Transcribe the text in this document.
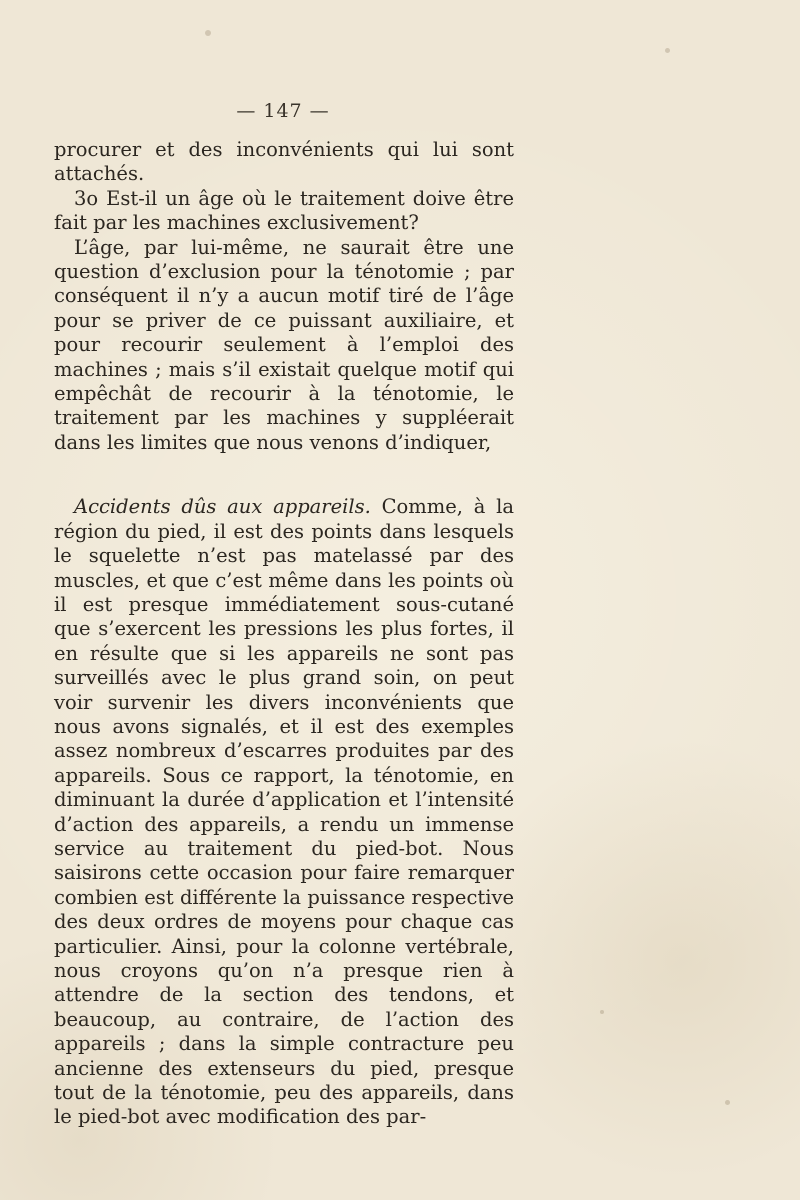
— 147 —

procurer et des inconvénients qui lui sont attachés.

3o Est-il un âge où le traitement doive être fait par les machines exclusivement?

L’âge, par lui-même, ne saurait être une question d’exclusion pour la ténotomie ; par conséquent il n’y a aucun motif tiré de l’âge pour se priver de ce puissant auxiliaire, et pour recourir seulement à l’emploi des machines ; mais s’il existait quelque motif qui empêchât de recourir à la ténotomie, le traitement par les machines y suppléerait dans les limites que nous venons d’indiquer,

Accidents dûs aux appareils. Comme, à la région du pied, il est des points dans lesquels le squelette n’est pas matelassé par des muscles, et que c’est même dans les points où il est presque immédiatement sous-cutané que s’exercent les pressions les plus fortes, il en résulte que si les appareils ne sont pas surveillés avec le plus grand soin, on peut voir survenir les divers inconvénients que nous avons signalés, et il est des exemples assez nombreux d’escarres produites par des appareils. Sous ce rapport, la ténotomie, en diminuant la durée d’application et l’intensité d’action des appareils, a rendu un immense service au traitement du pied-bot. Nous saisirons cette occasion pour faire remarquer combien est différente la puissance respective des deux ordres de moyens pour chaque cas particulier. Ainsi, pour la colonne vertébrale, nous croyons qu’on n’a presque rien à attendre de la section des tendons, et beaucoup, au contraire, de l’action des appareils ; dans la simple contracture peu ancienne des extenseurs du pied, presque tout de la ténotomie, peu des appareils, dans le pied-bot avec modification des par-
